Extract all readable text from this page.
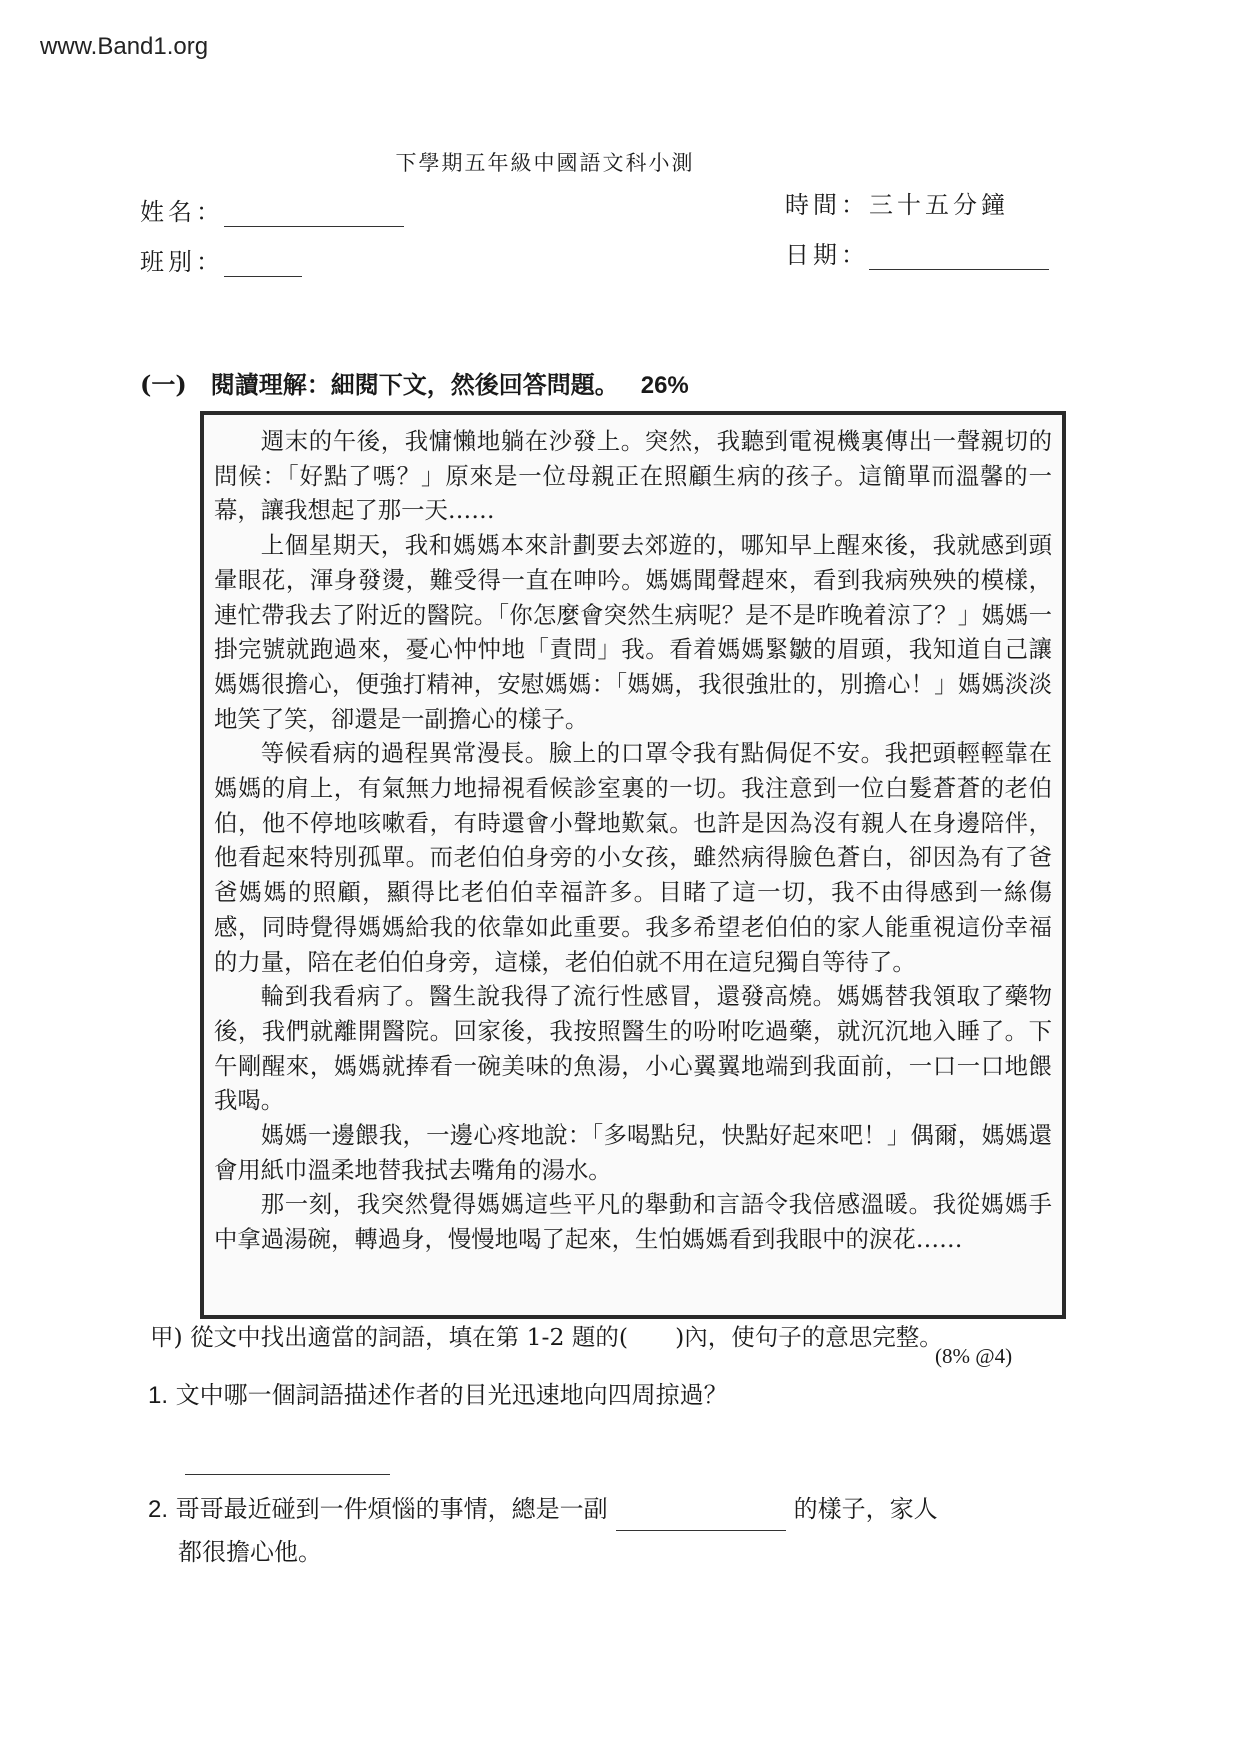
www.Band1.org
下學期五年級中國語文科小測
姓名：
班別：
時間：三十五分鐘
日期：
(一)　閱讀理解：細閱下文，然後回答問題。 26%

週末的午後，我慵懶地躺在沙發上。突然，我聽到電視機裏傳出一聲親切的問候：「好點了嗎？」原來是一位母親正在照顧生病的孩子。這簡單而溫馨的一幕，讓我想起了那一天……

上個星期天，我和媽媽本來計劃要去郊遊的，哪知早上醒來後，我就感到頭暈眼花，渾身發燙，難受得一直在呻吟。媽媽聞聲趕來，看到我病殃殃的模樣，連忙帶我去了附近的醫院。「你怎麼會突然生病呢？是不是昨晚着涼了？」媽媽一掛完號就跑過來，憂心忡忡地「責問」我。看着媽媽緊皺的眉頭，我知道自己讓媽媽很擔心，便強打精神，安慰媽媽：「媽媽，我很強壯的，別擔心！」媽媽淡淡地笑了笑，卻還是一副擔心的樣子。

等候看病的過程異常漫長。臉上的口罩令我有點侷促不安。我把頭輕輕靠在媽媽的肩上，有氣無力地掃視看候診室裏的一切。我注意到一位白髮蒼蒼的老伯伯，他不停地咳嗽看，有時還會小聲地歎氣。也許是因為沒有親人在身邊陪伴，他看起來特別孤單。而老伯伯身旁的小女孩，雖然病得臉色蒼白，卻因為有了爸爸媽媽的照顧，顯得比老伯伯幸福許多。目睹了這一切，我不由得感到一絲傷感，同時覺得媽媽給我的依靠如此重要。我多希望老伯伯的家人能重視這份幸福的力量，陪在老伯伯身旁，這樣，老伯伯就不用在這兒獨自等待了。

輪到我看病了。醫生說我得了流行性感冒，還發高燒。媽媽替我領取了藥物後，我們就離開醫院。回家後，我按照醫生的吩咐吃過藥，就沉沉地入睡了。下午剛醒來，媽媽就捧看一碗美味的魚湯，小心翼翼地端到我面前，一口一口地餵我喝。

媽媽一邊餵我，一邊心疼地說：「多喝點兒，快點好起來吧！」偶爾，媽媽還會用紙巾溫柔地替我拭去嘴角的湯水。

那一刻，我突然覺得媽媽這些平凡的舉動和言語令我倍感溫暖。我從媽媽手中拿過湯碗，轉過身，慢慢地喝了起來，生怕媽媽看到我眼中的淚花……

甲) 從文中找出適當的詞語，填在第 1-2 題的(　　)內，使句子的意思完整。
(8% @4)
1. 文中哪一個詞語描述作者的目光迅速地向四周掠過？
2. 哥哥最近碰到一件煩惱的事情，總是一副	的樣子，家人
都很擔心他。
